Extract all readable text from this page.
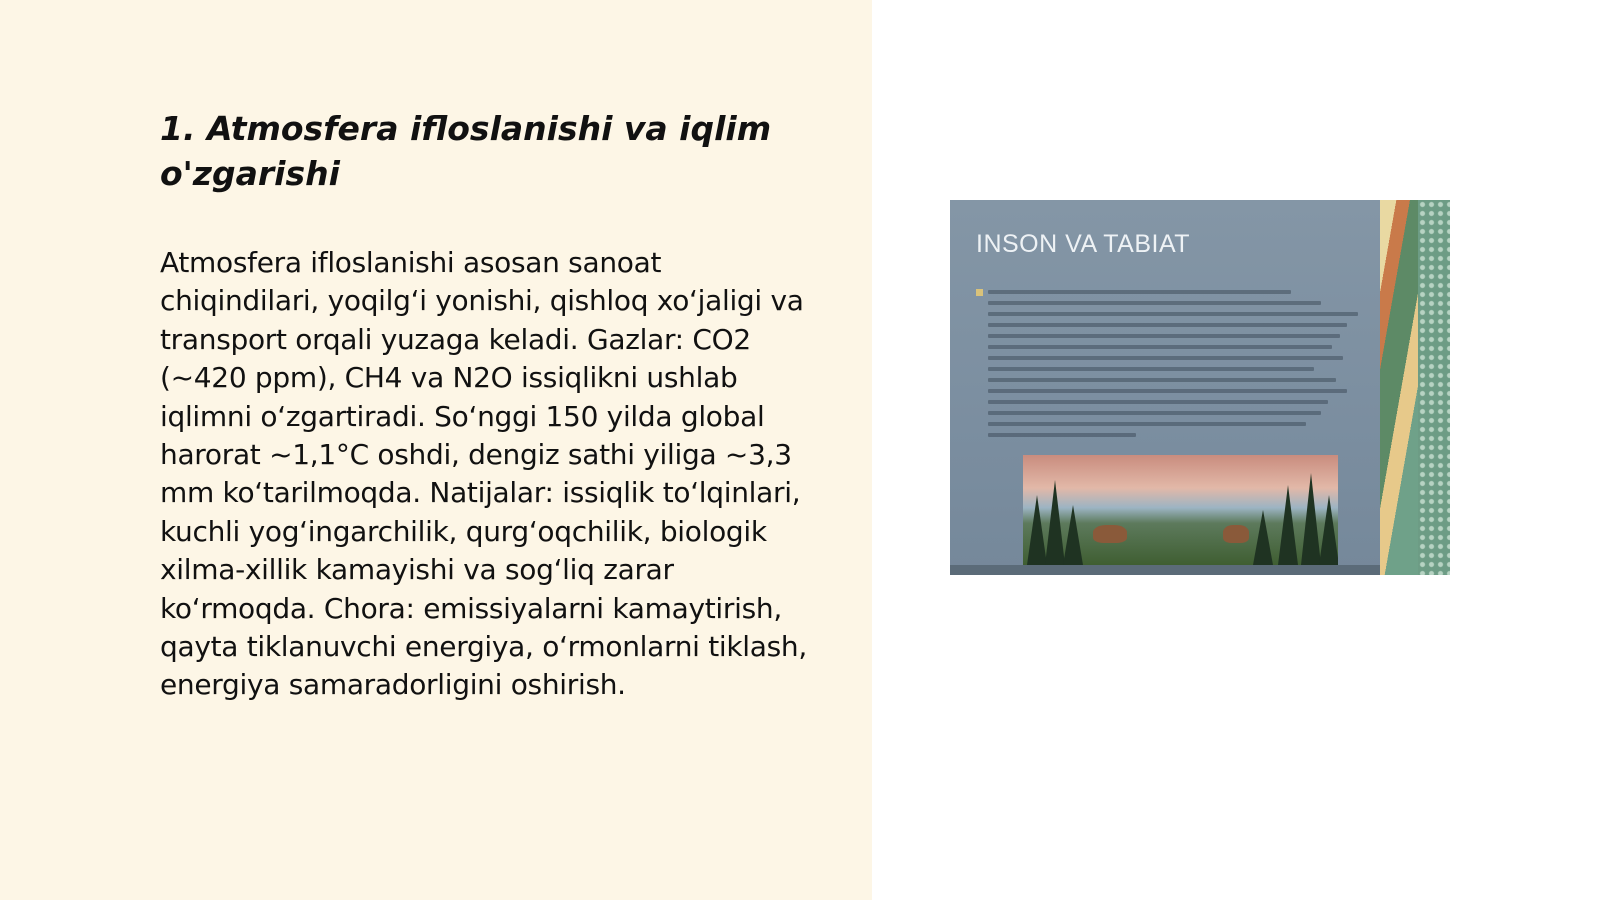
1. Atmosfera ifloslanishi va iqlim o'zgarishi

Atmosfera ifloslanishi asosan sanoat chiqindilari, yoqilg‘i yonishi, qishloq xo‘jaligi va transport orqali yuzaga keladi. Gazlar: CO2 (~420 ppm), CH4 va N2O issiqlikni ushlab iqlimni o‘zgartiradi. So‘nggi 150 yilda global harorat ~1,1°C oshdi, dengiz sathi yiliga ~3,3 mm ko‘tarilmoqda. Natijalar: issiqlik to‘lqinlari, kuchli yog‘ingarchilik, qurg‘oqchilik, biologik xilma-xillik kamayishi va sog‘liq zarar ko‘rmoqda. Chora: emissiyalarni kamaytirish, qayta tiklanuvchi energiya, o‘rmonlarni tiklash, energiya samaradorligini oshirish.

INSON VA TABIAT
